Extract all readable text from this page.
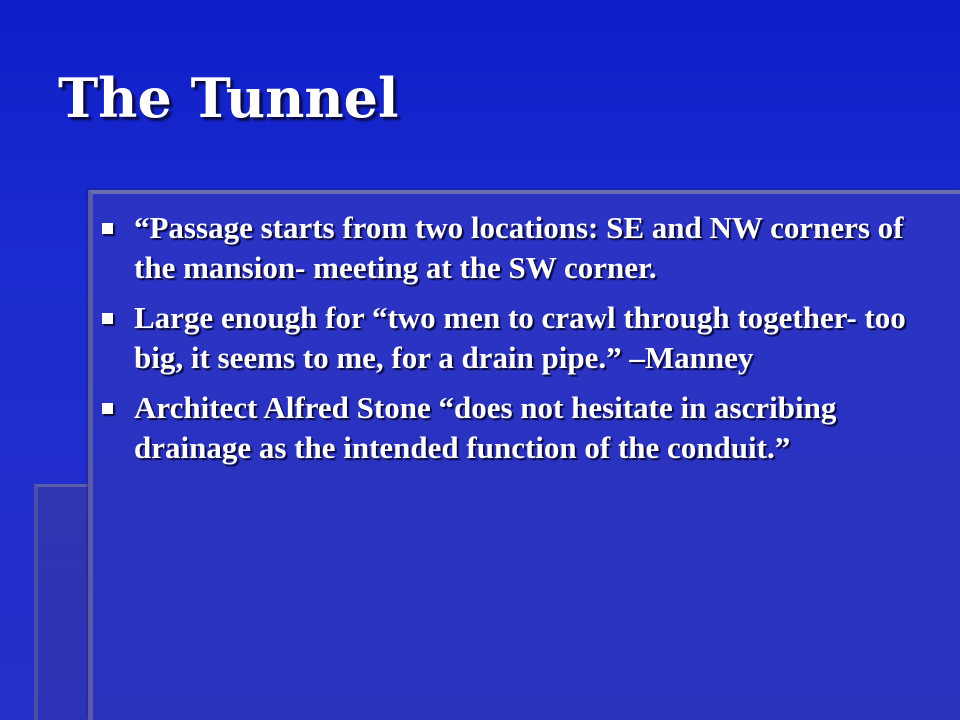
The Tunnel
“Passage starts from two locations: SE and NW corners of the mansion- meeting at the SW corner.
Large enough for “two men to crawl through together- too big, it seems to me, for a drain pipe.” –Manney
Architect Alfred Stone “does not hesitate in ascribing drainage as the intended function of the conduit.”
